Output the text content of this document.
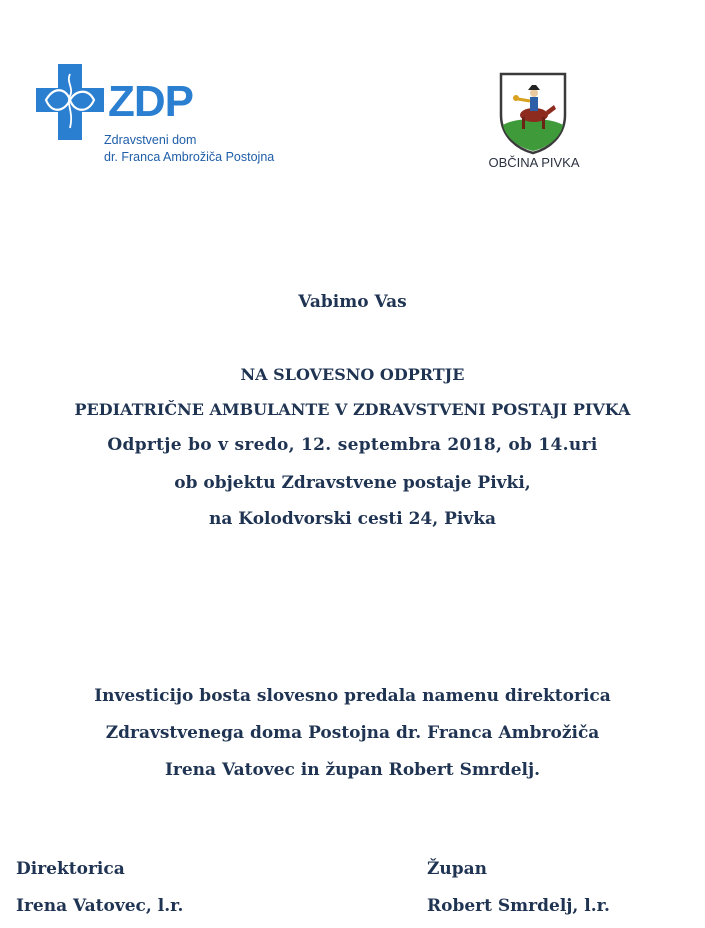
ZDP
Zdravstveni dom
dr. Franca Ambrožiča Postojna	OBČINA PIVKA
Vabimo Vas
NA SLOVESNO ODPRTJE
PEDIATRIČNE AMBULANTE V ZDRAVSTVENI POSTAJI PIVKA
Odprtje bo v sredo, 12. septembra 2018, ob 14.uri
ob objektu Zdravstvene postaje Pivki,
na Kolodvorski cesti 24, Pivka
Investicijo bosta slovesno predala namenu direktorica
Zdravstvenega doma Postojna dr. Franca Ambrožiča
Irena Vatovec in župan Robert Smrdelj.
Direktorica
Irena Vatovec, l.r.
Župan
Robert Smrdelj, l.r.
